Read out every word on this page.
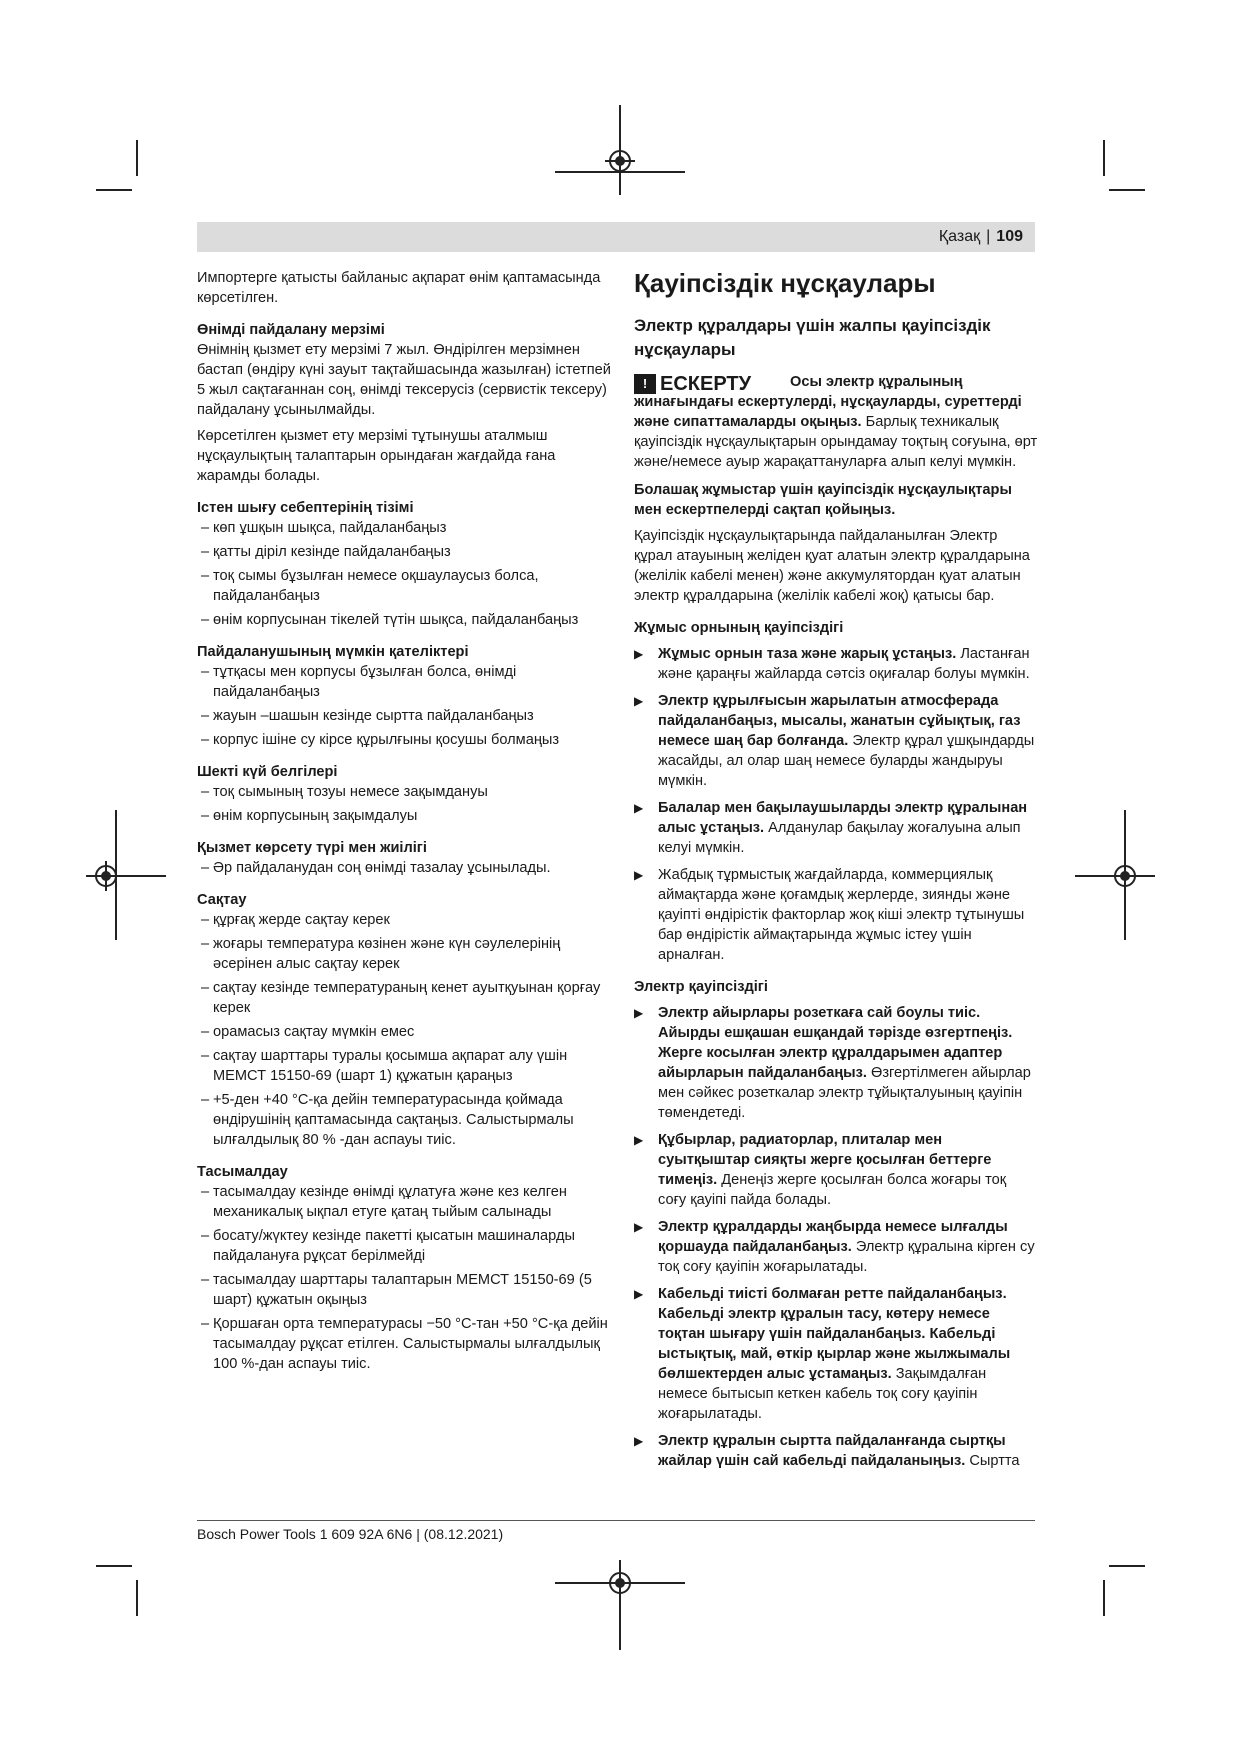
Қазақ | 109

Импортерге қатысты байланыс ақпарат өнім қаптамасында көрсетілген.

Өнімді пайдалану мерзімі

Өнімнің қызмет ету мерзімі 7 жыл. Өндірілген мерзімнен бастап (өндіру күні зауыт тақтайшасында жазылған) істетпей 5 жыл сақтағаннан соң, өнімді тексерусіз (сервистік тексеру) пайдалану ұсынылмайды.

Көрсетілген қызмет ету мерзімі тұтынушы аталмыш нұсқаулықтың талаптарын орындаған жағдайда ғана жарамды болады.

Істен шығу себептерінің тізімі

– көп ұшқын шықса, пайдаланбаңыз
– қатты діріл кезінде пайдаланбаңыз
– тоқ сымы бұзылған немесе оқшаулаусыз болса, пайдаланбаңыз
– өнім корпусынан тікелей түтін шықса, пайдаланбаңыз

Пайдаланушының мүмкін қателіктері

– тұтқасы мен корпусы бұзылған болса, өнімді пайдаланбаңыз
– жауын –шашын кезінде сыртта пайдаланбаңыз
– корпус ішіне су кірсе құрылғыны қосушы болмаңыз

Шекті күй белгілері

– тоқ сымының тозуы немесе зақымдануы
– өнім корпусының зақымдалуы

Қызмет көрсету түрі мен жиілігі

– Әр пайдаланудан соң өнімді тазалау ұсынылады.

Сақтау

– құрғақ жерде сақтау керек
– жоғары температура көзінен және күн сәулелерінің әсерінен алыс сақтау керек
– сақтау кезінде температураның кенет ауытқуынан қорғау керек
– орамасыз сақтау мүмкін емес
– сақтау шарттары туралы қосымша ақпарат алу үшін МЕМСТ 15150-69 (шарт 1) құжатын қараңыз
– +5-ден +40 °C-қа дейін температурасында қоймада өндірушінің қаптамасында сақтаңыз. Салыстырмалы ылғалдылық 80 % -дан аспауы тиіс.

Тасымалдау

– тасымалдау кезінде өнімді құлатуға және кез келген механикалық ықпал етуге қатаң тыйым салынады
– босату/жүктеу кезінде пакетті қысатын машиналарды пайдалануға рұқсат берілмейді
– тасымалдау шарттары талаптарын МЕМСТ 15150-69 (5 шарт) құжатын оқыңыз
– Қоршаған орта температурасы −50 °C-тан +50 °C-қа дейін тасымалдау рұқсат етілген. Салыстырмалы ылғалдылық 100 %-дан аспауы тиіс.
Қауіпсіздік нұсқаулары
Электр құралдары үшін жалпы қауіпсіздік нұсқаулары
! ЕСКЕРТУ	Осы электр құралының жинағындағы ескертулерді, нұсқауларды, суреттерді және сипаттамаларды оқыңыз. Барлық техникалық қауіпсіздік нұсқаулықтарын орындамау тоқтың соғуына, өрт және/немесе ауыр жарақаттануларға алып келуі мүмкін.

Болашақ жұмыстар үшін қауіпсіздік нұсқаулықтары мен ескертпелерді сақтап қойыңыз.

Қауіпсіздік нұсқаулықтарында пайдаланылған Электр құрал атауының желіден қуат алатын электр құралдарына (желілік кабелі менен) және аккумулятордан қуат алатын электр құралдарына (желілік кабелі жоқ) қатысы бар.

Жұмыс орнының қауіпсіздігі

▶ Жұмыс орнын таза және жарық ұстаңыз. Ластанған және қараңғы жайларда сәтсіз оқиғалар болуы мүмкін.
▶ Электр құрылғысын жарылатын атмосферада пайдаланбаңыз, мысалы, жанатын сұйықтық, газ немесе шаң бар болғанда. Электр құрал ұшқындарды жасайды, ал олар шаң немесе буларды жандыруы мүмкін.
▶ Балалар мен бақылаушыларды электр құралынан алыс ұстаңыз. Алданулар бақылау жоғалуына алып келуі мүмкін.
▶ Жабдық тұрмыстық жағдайларда, коммерциялық аймақтарда және қоғамдық жерлерде, зиянды және қауіпті өндірістік факторлар жоқ кіші электр тұтынушы бар өндірістік аймақтарында жұмыс істеу үшін арналған.

Электр қауіпсіздігі

▶ Электр айырлары розеткаға сай боулы тиіс. Айырды ешқашан ешқандай тәрізде өзгертпеңіз. Жерге косылған электр құралдарымен адаптер айырларын пайдаланбаңыз. Өзгертілмеген айырлар мен сәйкес розеткалар электр тұйықталуының қауіпін төмендетеді.
▶ Құбырлар, радиаторлар, плиталар мен суытқыштар сияқты жерге қосылған беттерге тимеңіз. Денеңіз жерге қосылған болса жоғары тоқ соғу қауіпі пайда болады.
▶ Электр құралдарды жаңбырда немесе ылғалды қоршауда пайдаланбаңыз. Электр құралына кірген су тоқ соғу қауіпін жоғарылатады.
▶ Кабельді тиісті болмаған ретте пайдаланбаңыз. Кабельді электр құралын тасу, көтеру немесе тоқтан шығару үшін пайдаланбаңыз. Кабельді ыстықтық, май, өткір қырлар және жылжымалы бөлшектерден алыс ұстамаңыз. Зақымдалған немесе бытысып кеткен кабель тоқ соғу қауіпін жоғарылатады.
▶ Электр құралын сыртта пайдаланғанда сыртқы жайлар үшін сай кабельді пайдаланыңыз. Сыртта
Bosch Power Tools 1 609 92A 6N6 | (08.12.2021)
